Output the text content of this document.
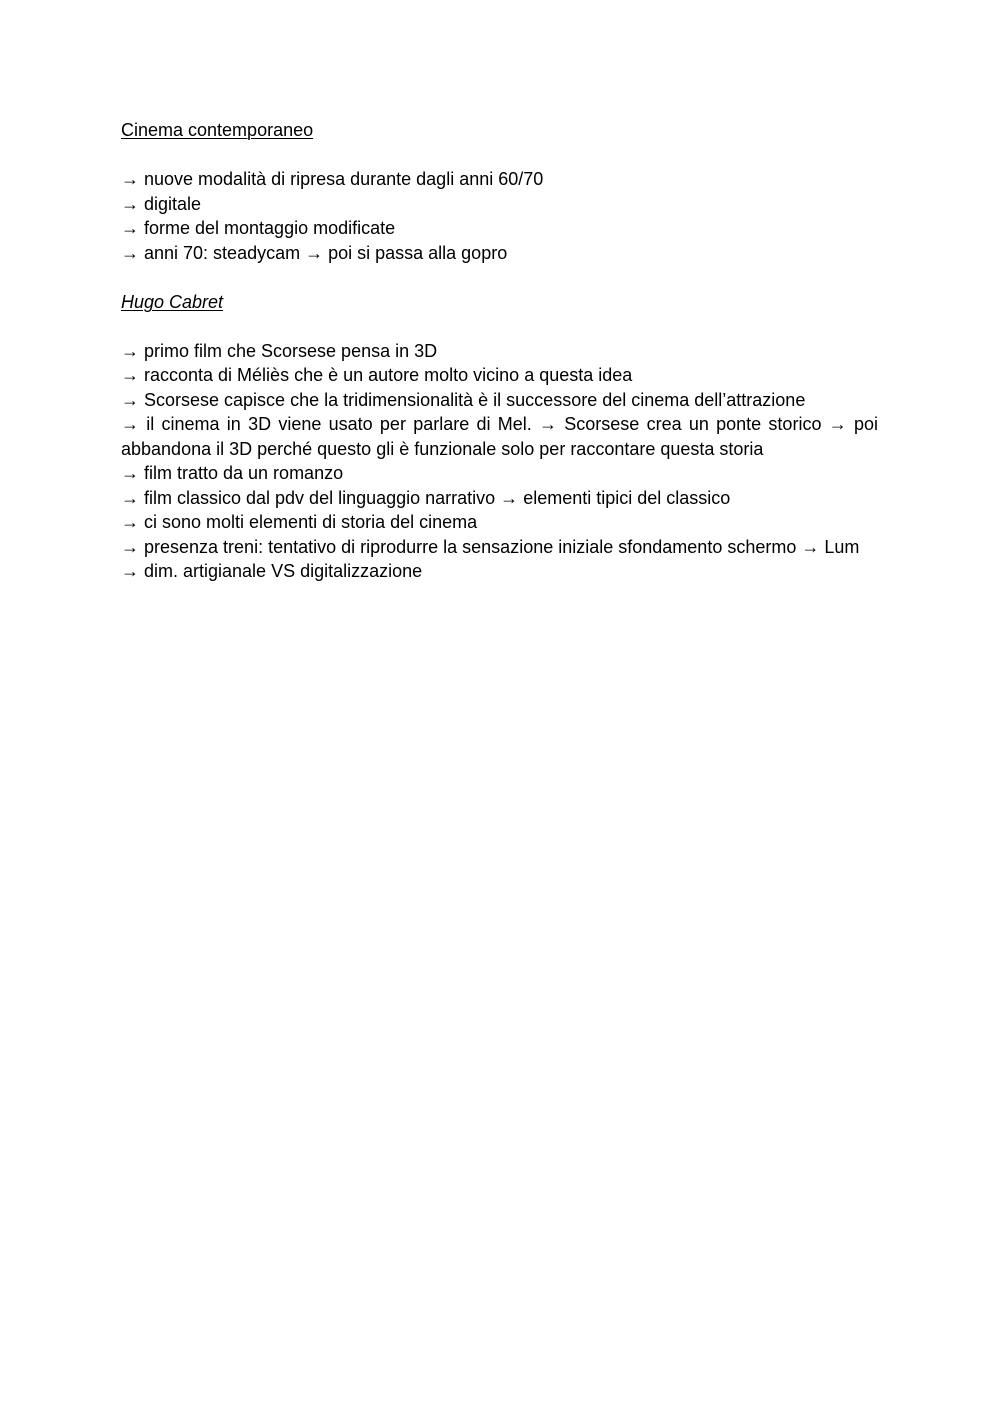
Cinema contemporaneo
→ nuove modalità di ripresa durante dagli anni 60/70
→ digitale
→ forme del montaggio modificate
→ anni 70: steadycam → poi si passa alla gopro
Hugo Cabret
→ primo film che Scorsese pensa in 3D
→ racconta di Méliès che è un autore molto vicino a questa idea
→ Scorsese capisce che la tridimensionalità è il successore del cinema dell’attrazione
→ il cinema in 3D viene usato per parlare di Mel. → Scorsese crea un ponte storico → poi abbandona il 3D perché questo gli è funzionale solo per raccontare questa storia
→ film tratto da un romanzo
→ film classico dal pdv del linguaggio narrativo → elementi tipici del classico
→ ci sono molti elementi di storia del cinema
→ presenza treni: tentativo di riprodurre la sensazione iniziale sfondamento schermo → Lum
→ dim. artigianale VS digitalizzazione
